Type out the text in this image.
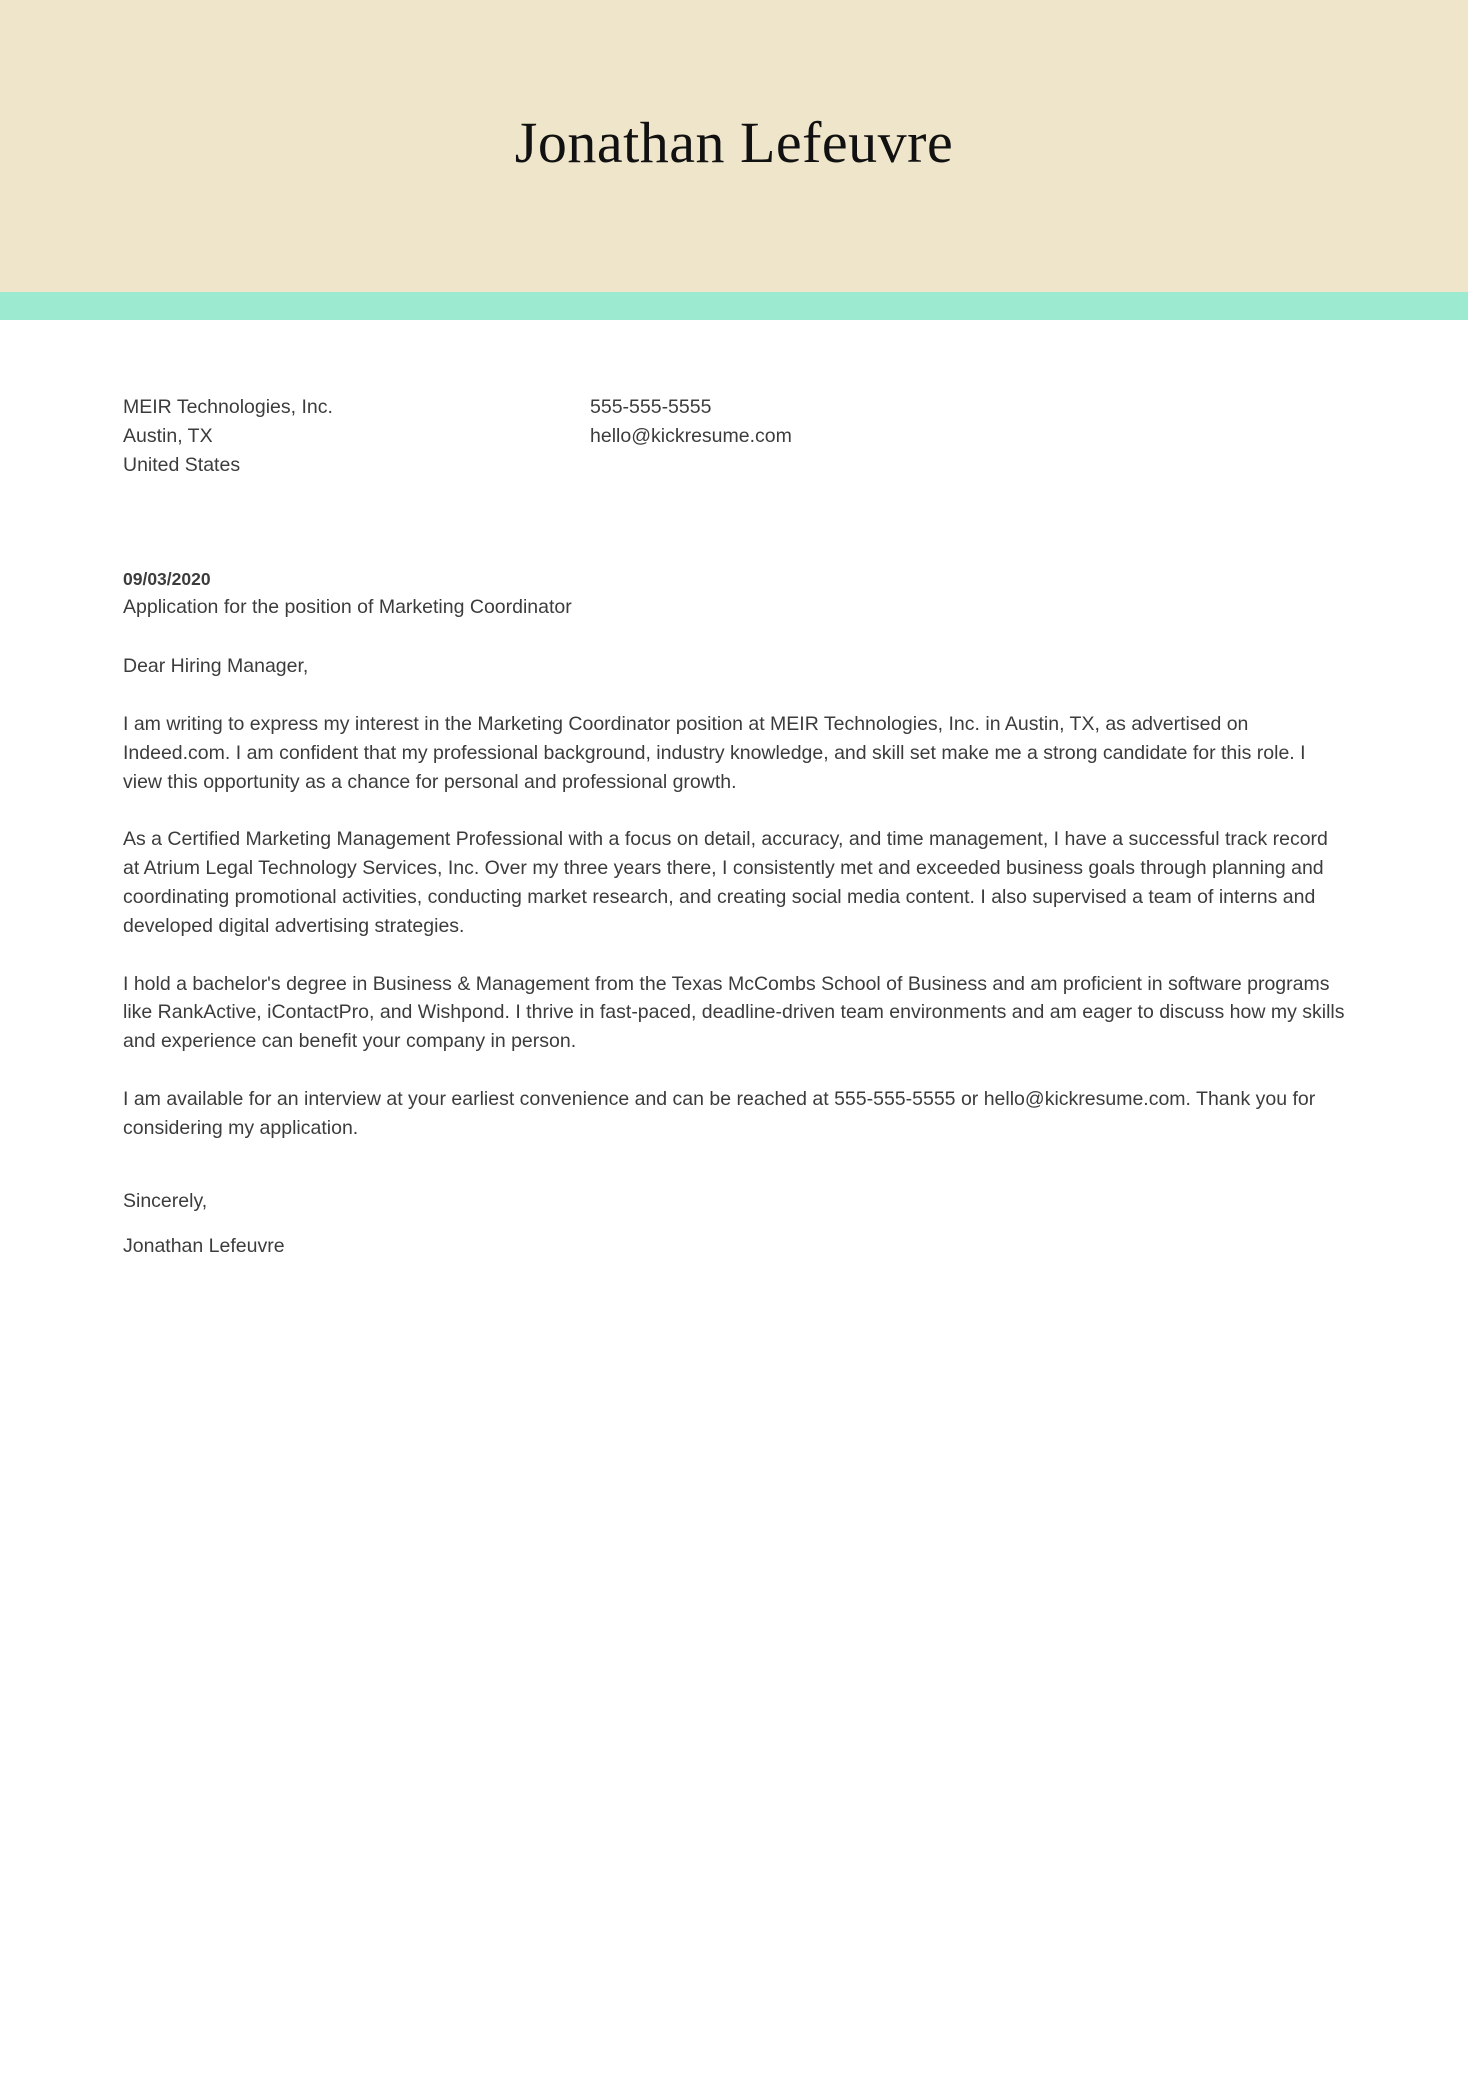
Jonathan Lefeuvre
MEIR Technologies, Inc.
Austin, TX
United States
555-555-5555
hello@kickresume.com
09/03/2020
Application for the position of Marketing Coordinator
Dear Hiring Manager,

I am writing to express my interest in the Marketing Coordinator position at MEIR Technologies, Inc. in Austin, TX, as advertised on Indeed.com. I am confident that my professional background, industry knowledge, and skill set make me a strong candidate for this role. I view this opportunity as a chance for personal and professional growth.

As a Certified Marketing Management Professional with a focus on detail, accuracy, and time management, I have a successful track record at Atrium Legal Technology Services, Inc. Over my three years there, I consistently met and exceeded business goals through planning and coordinating promotional activities, conducting market research, and creating social media content. I also supervised a team of interns and developed digital advertising strategies.

I hold a bachelor's degree in Business & Management from the Texas McCombs School of Business and am proficient in software programs like RankActive, iContactPro, and Wishpond. I thrive in fast-paced, deadline-driven team environments and am eager to discuss how my skills and experience can benefit your company in person.

I am available for an interview at your earliest convenience and can be reached at 555-555-5555 or hello@kickresume.com. Thank you for considering my application.

Sincerely,
Jonathan Lefeuvre
